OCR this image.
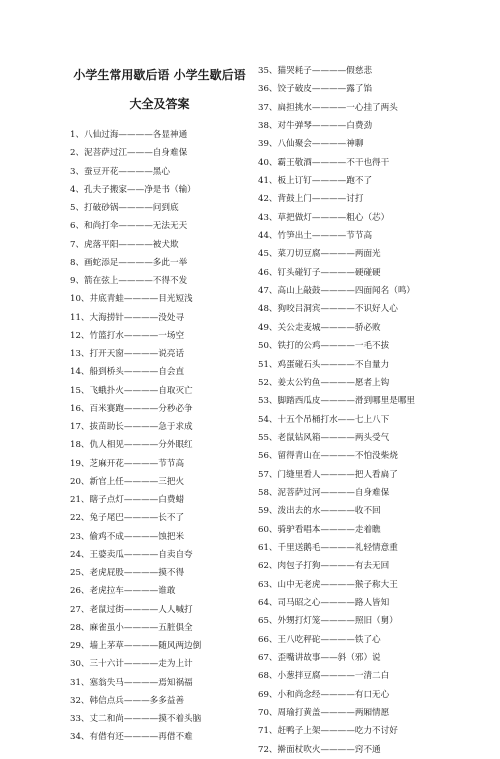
小学生常用歇后语 小学生歇后语
大全及答案
1、八仙过海————各显神通
2、泥菩萨过江———自身难保
3、蚕豆开花————黑心
4、孔夫子搬家——净是书（输）
5、打破砂锅————问到底
6、和尚打伞————无法无天
7、虎落平阳————被犬欺
8、画蛇添足————多此一举
9、箭在弦上————不得不发
10、井底青蛙————目光短浅
11、大海捞针————没处寻
12、竹篮打水————一场空
13、打开天窗————说亮话
14、船到桥头————自会直
15、飞蛾扑火————自取灭亡
16、百米赛跑————分秒必争
17、拔苗助长————急于求成
18、仇人相见————分外眼红
19、芝麻开花————节节高
20、新官上任————三把火
21、瞎子点灯————白费蜡
22、兔子尾巴————长不了
23、偷鸡不成————蚀把米
24、王婆卖瓜————自卖自夸
25、老虎屁股————摸不得
26、老虎拉车————谁敢
27、老鼠过街————人人喊打
28、麻雀虽小————五脏俱全
29、墙上茅草————随风两边倒
30、三十六计————走为上计
31、塞翁失马————焉知祸福
32、韩信点兵———多多益善
33、丈二和尚————摸不着头脑
34、有借有还————再借不难
35、猫哭耗子————假慈悲
36、饺子破皮————露了馅
37、扁担挑水————一心挂了两头
38、对牛弹琴————白费劲
39、八仙聚会————神聊
40、霸王敬酒————不干也得干
41、板上订钉————跑不了
42、背鼓上门————讨打
43、草把做灯————粗心（芯）
44、竹笋出土————节节高
45、菜刀切豆腐————两面光
46、钉头碰钉子————硬碰硬
47、高山上敲鼓————四面闻名（鸣）
48、狗咬吕洞宾————不识好人心
49、关公走麦城————骄必败
50、铁打的公鸡————一毛不拔
51、鸡蛋碰石头————不自量力
52、姜太公钓鱼————愿者上钩
53、脚踏西瓜皮————滑到哪里是哪里
54、十五个吊桶打水——七上八下
55、老鼠钻风箱————两头受气
56、留得青山在————不怕没柴烧
57、门缝里看人————把人看扁了
58、泥菩萨过河————自身难保
59、泼出去的水————收不回
60、骑驴看唱本————走着瞧
61、千里送鹅毛————礼轻情意重
62、肉包子打狗————有去无回
63、山中无老虎————猴子称大王
64、司马昭之心————路人皆知
65、外甥打灯笼————照旧（舅）
66、王八吃秤砣————铁了心
67、歪嘴讲故事——斜（邪）说
68、小葱拌豆腐————一清二白
69、小和尚念经————有口无心
70、周瑜打黄盖————两厢情愿
71、赶鸭子上架————吃力不讨好
72、擀面杖吹火————窍不通
